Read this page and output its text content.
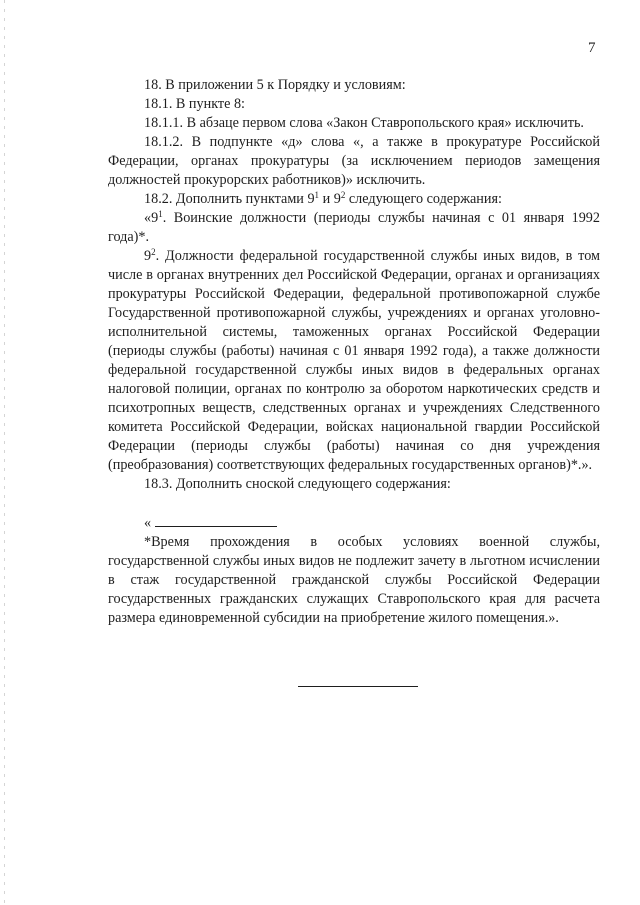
7

18. В приложении 5 к Порядку и условиям:

18.1. В пункте 8:

18.1.1. В абзаце первом слова «Закон Ставропольского края» исключить.

18.1.2. В подпункте «д» слова «, а также в прокуратуре Российской Федерации, органах прокуратуры (за исключением периодов замещения должностей прокурорских работников)» исключить.

18.2. Дополнить пунктами $9^1$ и $9^2$ следующего содержания:

«$9^1$. Воинские должности (периоды службы начиная с 01 января 1992 года)*.

$9^2$. Должности федеральной государственной службы иных видов, в том числе в органах внутренних дел Российской Федерации, органах и организациях прокуратуры Российской Федерации, федеральной противопожарной службе Государственной противопожарной службы, учреждениях и органах уголовно-исполнительной системы, таможенных органах Российской Федерации (периоды службы (работы) начиная с 01 января 1992 года), а также должности федеральной государственной службы иных видов в федеральных органах налоговой полиции, органах по контролю за оборотом наркотических средств и психотропных веществ, следственных органах и учреждениях Следственного комитета Российской Федерации, войсках национальной гвардии Российской Федерации (периоды службы (работы) начиная со дня учреждения (преобразования) соответствующих федеральных государственных органов)*.».

18.3. Дополнить сноской следующего содержания:

«

*Время прохождения в особых условиях военной службы, государственной службы иных видов не подлежит зачету в льготном исчислении в стаж государственной гражданской службы Российской Федерации государственных гражданских служащих Ставропольского края для расчета размера единовременной субсидии на приобретение жилого помещения.».
